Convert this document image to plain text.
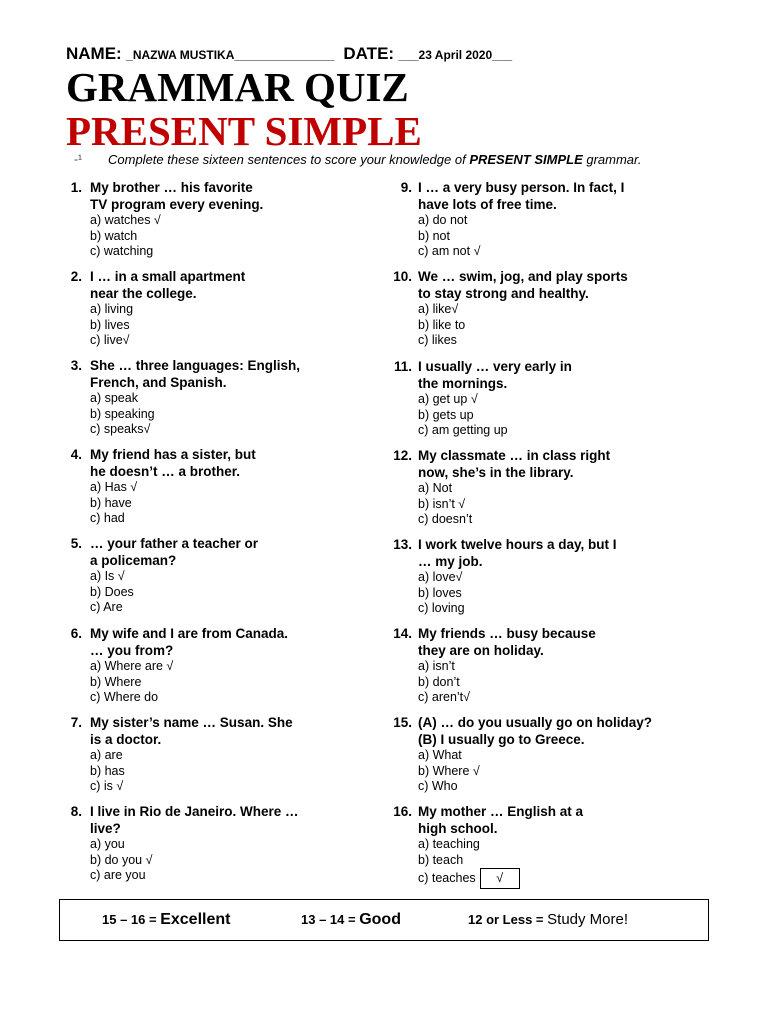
NAME: _NAZWA MUSTIKA_______________ DATE: ___23 April 2020___
GRAMMAR QUIZ
PRESENT SIMPLE
-¹ Complete these sixteen sentences to score your knowledge of PRESENT SIMPLE grammar.
1. My brother … his favorite
TV program every evening.
a) watches √
b) watch
c) watching
2. I … in a small apartment
near the college.
a) living
b) lives
c) live√
3. She … three languages: English,
French, and Spanish.
a) speak
b) speaking
c) speaks√
4. My friend has a sister, but
he doesn’t … a brother.
a) Has √
b) have
c) had
5. … your father a teacher or
a policeman?
a) Is √
b) Does
c) Are
6. My wife and I are from Canada.
… you from?
a) Where are √
b) Where
c) Where do
7. My sister’s name … Susan. She
is a doctor.
a) are
b) has
c) is √
8. I live in Rio de Janeiro. Where …
live?
a) you
b) do you √
c) are you
9. I … a very busy person. In fact, I
have lots of free time.
a) do not
b) not
c) am not √
10. We … swim, jog, and play sports
to stay strong and healthy.
a) like√
b) like to
c) likes
11. I usually … very early in
the mornings.
a) get up √
b) gets up
c) am getting up
12. My classmate … in class right
now, she’s in the library.
a) Not
b) isn’t √
c) doesn’t
13. I work twelve hours a day, but I
… my job.
a) love√
b) loves
c) loving
14. My friends … busy because
they are on holiday.
a) isn’t
b) don’t
c) aren’t√
15. (A) … do you usually go on holiday?
(B) I usually go to Greece.
a) What
b) Where √
c) Who
16. My mother … English at a
high school.
a) teaching
b) teach
c) teaches √
15 – 16 = Excellent	13 – 14 = Good	12 or Less = Study More!
